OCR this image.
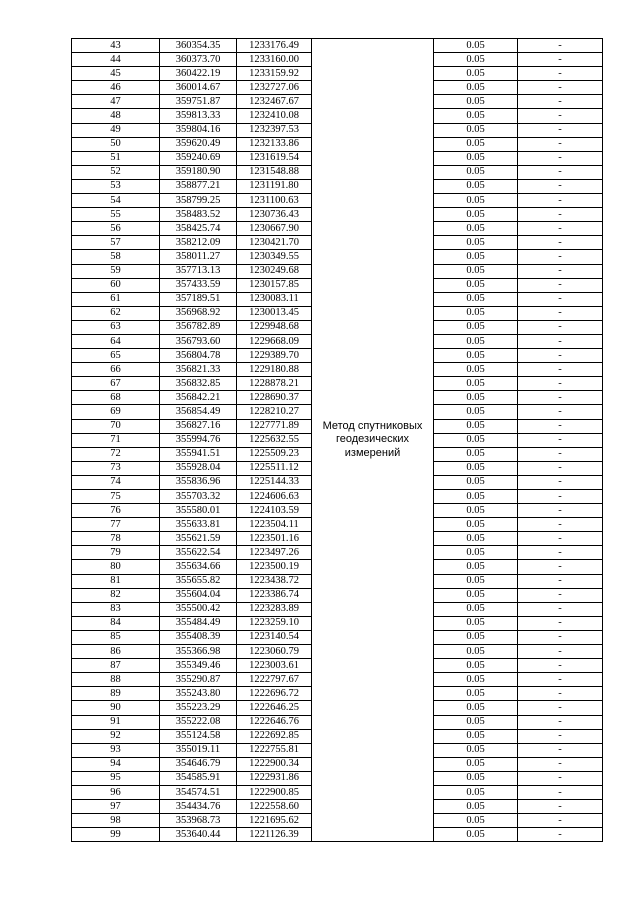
43	360354.35	1233176.49	Метод спутниковых геодезических измерений	0.05	-
44	360373.70	1233160.00		0.05	-
45	360422.19	1233159.92		0.05	-
46	360014.67	1232727.06		0.05	-
47	359751.87	1232467.67		0.05	-
48	359813.33	1232410.08		0.05	-
49	359804.16	1232397.53		0.05	-
50	359620.49	1232133.86		0.05	-
51	359240.69	1231619.54		0.05	-
52	359180.90	1231548.88		0.05	-
53	358877.21	1231191.80		0.05	-
54	358799.25	1231100.63		0.05	-
55	358483.52	1230736.43		0.05	-
56	358425.74	1230667.90		0.05	-
57	358212.09	1230421.70		0.05	-
58	358011.27	1230349.55		0.05	-
59	357713.13	1230249.68		0.05	-
60	357433.59	1230157.85		0.05	-
61	357189.51	1230083.11		0.05	-
62	356968.92	1230013.45		0.05	-
63	356782.89	1229948.68		0.05	-
64	356793.60	1229668.09		0.05	-
65	356804.78	1229389.70		0.05	-
66	356821.33	1229180.88		0.05	-
67	356832.85	1228878.21		0.05	-
68	356842.21	1228690.37		0.05	-
69	356854.49	1228210.27		0.05	-
70	356827.16	1227771.89		0.05	-
71	355994.76	1225632.55		0.05	-
72	355941.51	1225509.23		0.05	-
73	355928.04	1225511.12		0.05	-
74	355836.96	1225144.33		0.05	-
75	355703.32	1224606.63		0.05	-
76	355580.01	1224103.59		0.05	-
77	355633.81	1223504.11		0.05	-
78	355621.59	1223501.16		0.05	-
79	355622.54	1223497.26		0.05	-
80	355634.66	1223500.19		0.05	-
81	355655.82	1223438.72		0.05	-
82	355604.04	1223386.74		0.05	-
83	355500.42	1223283.89		0.05	-
84	355484.49	1223259.10		0.05	-
85	355408.39	1223140.54		0.05	-
86	355366.98	1223060.79		0.05	-
87	355349.46	1223003.61		0.05	-
88	355290.87	1222797.67		0.05	-
89	355243.80	1222696.72		0.05	-
90	355223.29	1222646.25		0.05	-
91	355222.08	1222646.76		0.05	-
92	355124.58	1222692.85		0.05	-
93	355019.11	1222755.81		0.05	-
94	354646.79	1222900.34		0.05	-
95	354585.91	1222931.86		0.05	-
96	354574.51	1222900.85		0.05	-
97	354434.76	1222558.60		0.05	-
98	353968.73	1221695.62		0.05	-
99	353640.44	1221126.39		0.05	-
